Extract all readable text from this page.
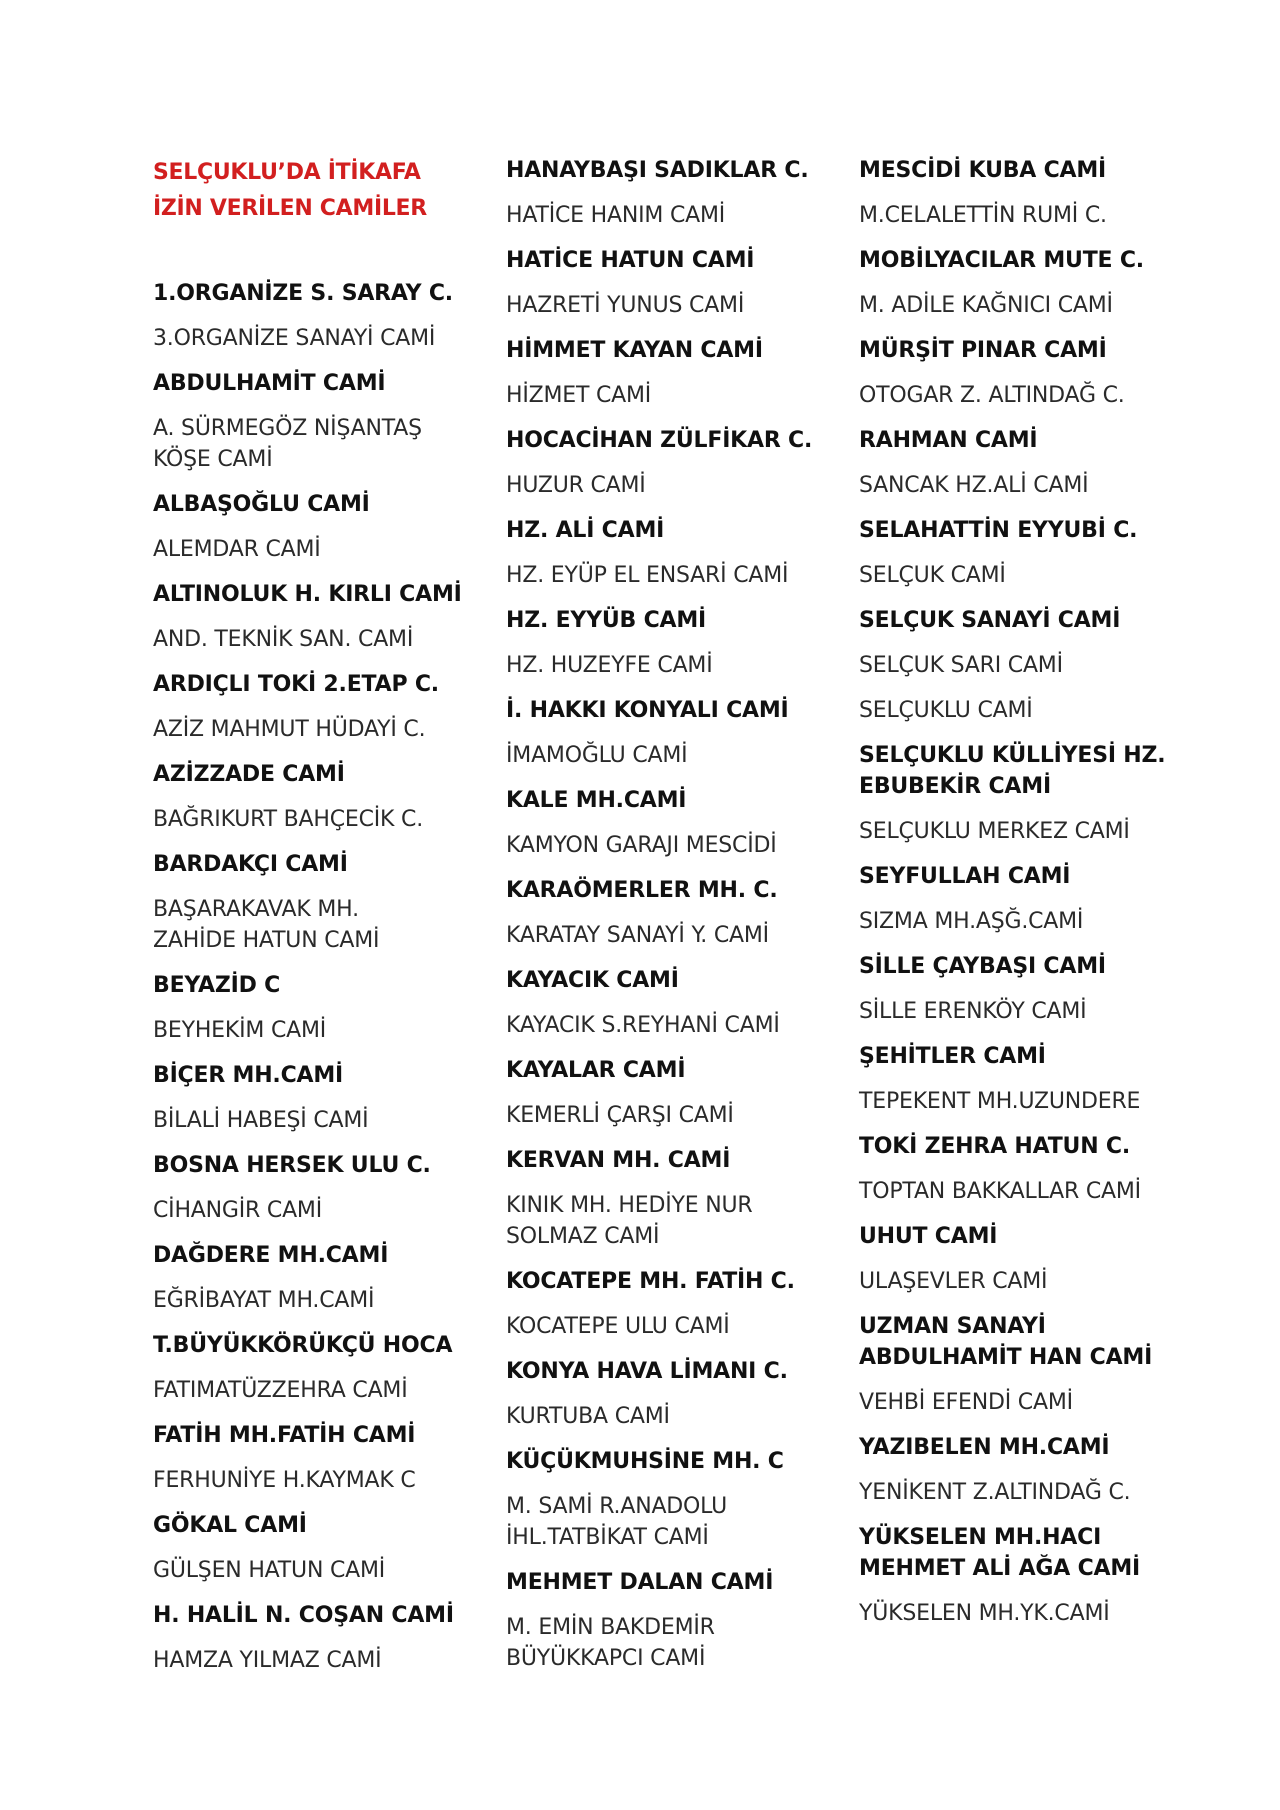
SELÇUKLU’DA İTİKAFA
İZİN VERİLEN CAMİLER
1.ORGANİZE S. SARAY C.
3.ORGANİZE SANAYİ CAMİ
ABDULHAMİT CAMİ
A. SÜRMEGÖZ NİŞANTAŞ
KÖŞE CAMİ
ALBAŞOĞLU CAMİ
ALEMDAR CAMİ
ALTINOLUK H. KIRLI CAMİ
AND. TEKNİK SAN. CAMİ
ARDIÇLI TOKİ 2.ETAP C.
AZİZ MAHMUT HÜDAYİ C.
AZİZZADE CAMİ
BAĞRIKURT BAHÇECİK C.
BARDAKÇI CAMİ
BAŞARAKAVAK MH.
ZAHİDE HATUN CAMİ
BEYAZİD C
BEYHEKİM CAMİ
BİÇER MH.CAMİ
BİLALİ HABEŞİ CAMİ
BOSNA HERSEK ULU C.
CİHANGİR CAMİ
DAĞDERE MH.CAMİ
EĞRİBAYAT MH.CAMİ
T.BÜYÜKKÖRÜKÇÜ HOCA
FATIMATÜZZEHRA CAMİ
FATİH MH.FATİH CAMİ
FERHUNİYE H.KAYMAK C
GÖKAL CAMİ
GÜLŞEN HATUN CAMİ
H. HALİL N. COŞAN CAMİ
HAMZA YILMAZ CAMİ
HANAYBAŞI SADIKLAR C.
HATİCE HANIM CAMİ
HATİCE HATUN CAMİ
HAZRETİ YUNUS CAMİ
HİMMET KAYAN CAMİ
HİZMET CAMİ
HOCACİHAN ZÜLFİKAR C.
HUZUR CAMİ
HZ. ALİ CAMİ
HZ. EYÜP EL ENSARİ CAMİ
HZ. EYYÜB CAMİ
HZ. HUZEYFE CAMİ
İ. HAKKI KONYALI CAMİ
İMAMOĞLU CAMİ
KALE MH.CAMİ
KAMYON GARAJI MESCİDİ
KARAÖMERLER MH. C.
KARATAY SANAYİ Y. CAMİ
KAYACIK CAMİ
KAYACIK S.REYHANİ CAMİ
KAYALAR CAMİ
KEMERLİ ÇARŞI CAMİ
KERVAN MH. CAMİ
KINIK MH. HEDİYE NUR
SOLMAZ CAMİ
KOCATEPE MH. FATİH C.
KOCATEPE ULU CAMİ
KONYA HAVA LİMANI C.
KURTUBA CAMİ
KÜÇÜKMUHSİNE MH. C
M. SAMİ R.ANADOLU
İHL.TATBİKAT CAMİ
MEHMET DALAN CAMİ
M. EMİN BAKDEMİR
BÜYÜKKAPCI CAMİ
MESCİDİ KUBA CAMİ
M.CELALETTİN RUMİ C.
MOBİLYACILAR MUTE C.
M. ADİLE KAĞNICI CAMİ
MÜRŞİT PINAR CAMİ
OTOGAR Z. ALTINDAĞ C.
RAHMAN CAMİ
SANCAK HZ.ALİ CAMİ
SELAHATTİN EYYUBİ C.
SELÇUK CAMİ
SELÇUK SANAYİ CAMİ
SELÇUK SARI CAMİ
SELÇUKLU CAMİ
SELÇUKLU KÜLLİYESİ HZ.
EBUBEKİR CAMİ
SELÇUKLU MERKEZ CAMİ
SEYFULLAH CAMİ
SIZMA MH.AŞĞ.CAMİ
SİLLE ÇAYBAŞI CAMİ
SİLLE ERENKÖY CAMİ
ŞEHİTLER CAMİ
TEPEKENT MH.UZUNDERE
TOKİ ZEHRA HATUN C.
TOPTAN BAKKALLAR CAMİ
UHUT CAMİ
ULAŞEVLER CAMİ
UZMAN SANAYİ
ABDULHAMİT HAN CAMİ
VEHBİ EFENDİ CAMİ
YAZIBELEN MH.CAMİ
YENİKENT Z.ALTINDAĞ C.
YÜKSELEN MH.HACI
MEHMET ALİ AĞA CAMİ
YÜKSELEN MH.YK.CAMİ
